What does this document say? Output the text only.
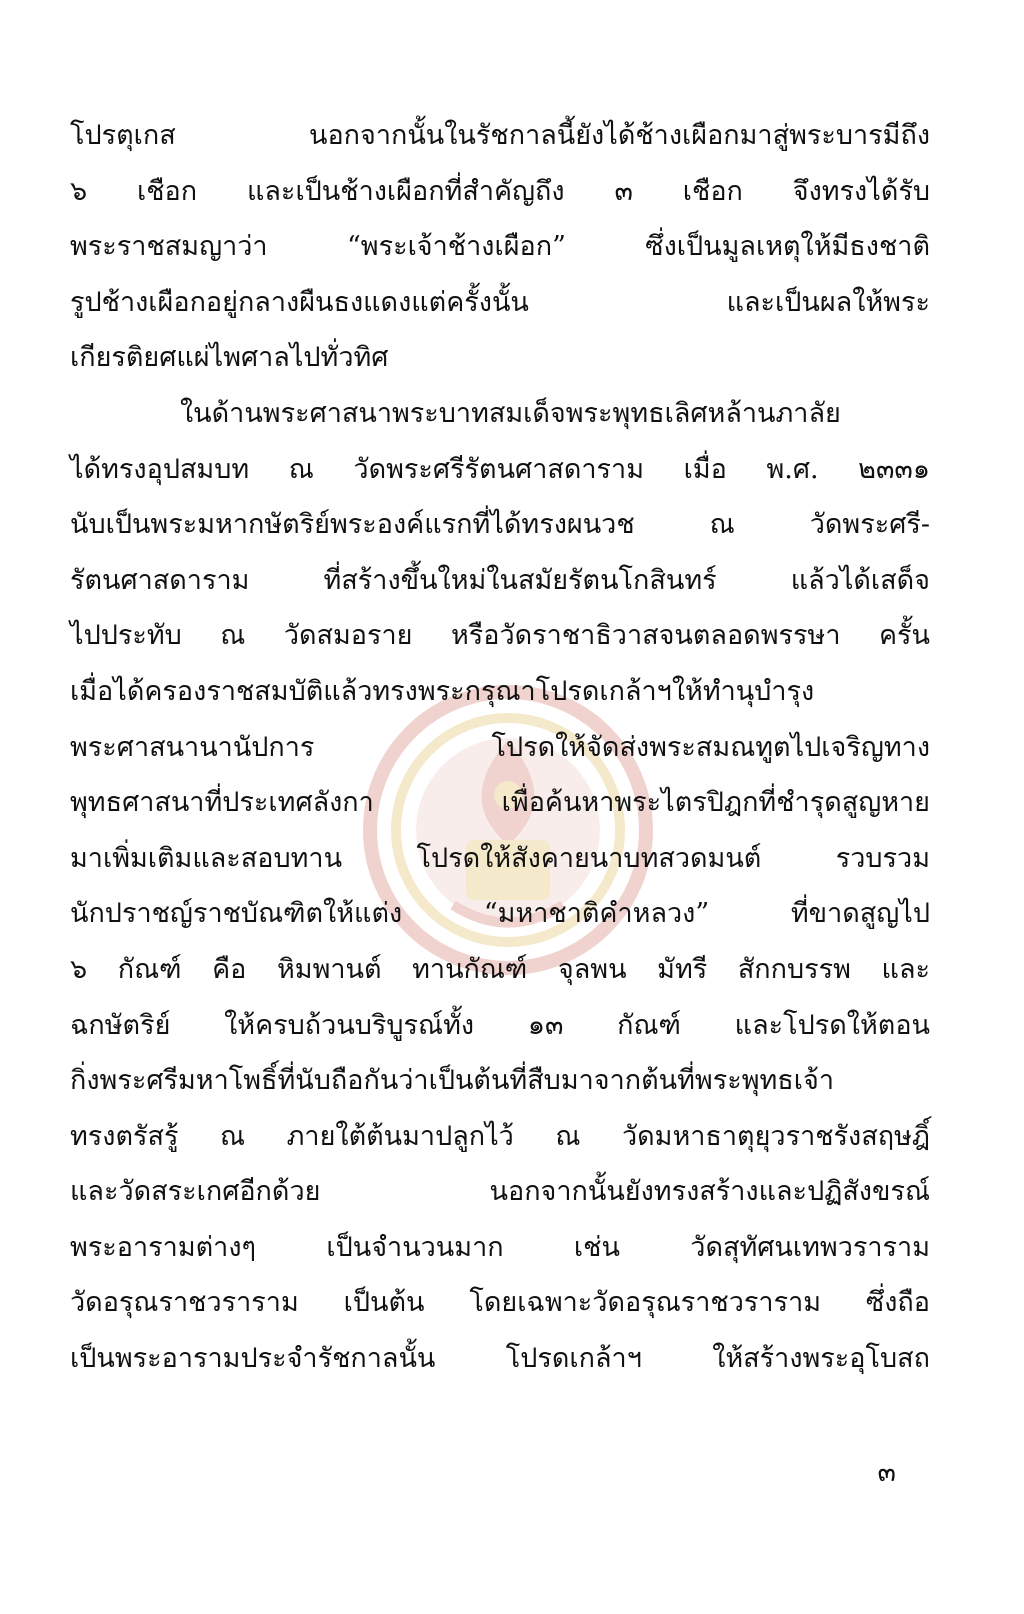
โปรตุเกส นอกจากนั้นในรัชกาลนี้ยังได้ช้างเผือกมาสู่พระบารมีถึง
๖ เชือก และเป็นช้างเผือกที่สำคัญถึง ๓ เชือก จึงทรงได้รับ
พระราชสมญาว่า “พระเจ้าช้างเผือก” ซึ่งเป็นมูลเหตุให้มีธงชาติ
รูปช้างเผือกอยู่กลางผืนธงแดงแต่ครั้งนั้น และเป็นผลให้พระ
เกียรติยศแผ่ไพศาลไปทั่วทิศ
ในด้านพระศาสนาพระบาทสมเด็จพระพุทธเลิศหล้านภาลัย
ได้ทรงอุปสมบท ณ วัดพระศรีรัตนศาสดาราม เมื่อ พ.ศ. ๒๓๓๑
นับเป็นพระมหากษัตริย์พระองค์แรกที่ได้ทรงผนวช ณ วัดพระศรี-
รัตนศาสดาราม ที่สร้างขึ้นใหม่ในสมัยรัตนโกสินทร์ แล้วได้เสด็จ
ไปประทับ ณ วัดสมอราย หรือวัดราชาธิวาสจนตลอดพรรษา ครั้น
เมื่อได้ครองราชสมบัติแล้วทรงพระกรุณาโปรดเกล้าฯให้ทำนุบำรุง
พระศาสนานานัปการ โปรดให้จัดส่งพระสมณทูตไปเจริญทาง
พุทธศาสนาที่ประเทศลังกา เพื่อค้นหาพระไตรปิฎกที่ชำรุดสูญหาย
มาเพิ่มเติมและสอบทาน โปรดให้สังคายนาบทสวดมนต์ รวบรวม
นักปราชญ์ราชบัณฑิตให้แต่ง “มหาชาติคำหลวง” ที่ขาดสูญไป
๖ กัณฑ์ คือ หิมพานต์ ทานกัณฑ์ จุลพน มัทรี สักกบรรพ และ
ฉกษัตริย์ ให้ครบถ้วนบริบูรณ์ทั้ง ๑๓ กัณฑ์ และโปรดให้ตอน
กิ่งพระศรีมหาโพธิ์ที่นับถือกันว่าเป็นต้นที่สืบมาจากต้นที่พระพุทธเจ้า
ทรงตรัสรู้ ณ ภายใต้ต้นมาปลูกไว้ ณ วัดมหาธาตุยุวราชรังสฤษฎิ์
และวัดสระเกศอีกด้วย นอกจากนั้นยังทรงสร้างและปฏิสังขรณ์
พระอารามต่างๆ เป็นจำนวนมาก เช่น วัดสุทัศนเทพวราราม
วัดอรุณราชวราราม เป็นต้น โดยเฉพาะวัดอรุณราชวราราม ซึ่งถือ
เป็นพระอารามประจำรัชกาลนั้น โปรดเกล้าฯ ให้สร้างพระอุโบสถ
๓
